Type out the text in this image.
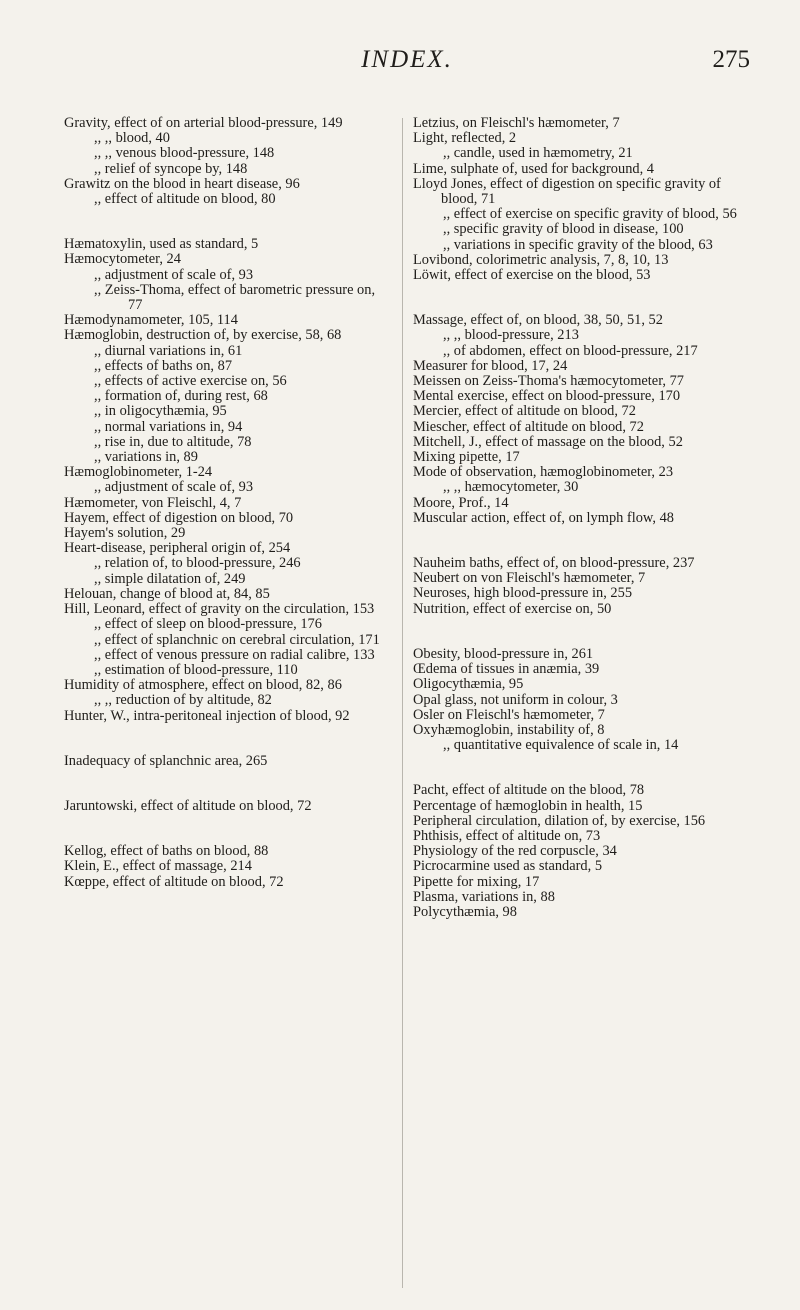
INDEX.	275

Gravity, effect of on arterial blood-pressure, 149

,, ,, blood, 40

,, ,, venous blood-pressure, 148

,, relief of syncope by, 148

Grawitz on the blood in heart disease, 96

,, effect of altitude on blood, 80

Hæmatoxylin, used as standard, 5

Hæmocytometer, 24

,, adjustment of scale of, 93

,, Zeiss-Thoma, effect of barometric pressure on, 77

Hæmodynamometer, 105, 114

Hæmoglobin, destruction of, by exercise, 58, 68

,, diurnal variations in, 61

,, effects of baths on, 87

,, effects of active exercise on, 56

,, formation of, during rest, 68

,, in oligocythæmia, 95

,, normal variations in, 94

,, rise in, due to altitude, 78

,, variations in, 89

Hæmoglobinometer, 1-24

,, adjustment of scale of, 93

Hæmometer, von Fleischl, 4, 7

Hayem, effect of digestion on blood, 70

Hayem's solution, 29

Heart-disease, peripheral origin of, 254

,, relation of, to blood-pressure, 246

,, simple dilatation of, 249

Helouan, change of blood at, 84, 85

Hill, Leonard, effect of gravity on the circulation, 153

,, effect of sleep on blood-pressure, 176

,, effect of splanchnic on cerebral circulation, 171

,, effect of venous pressure on radial calibre, 133

,, estimation of blood-pressure, 110

Humidity of atmosphere, effect on blood, 82, 86

,, ,, reduction of by altitude, 82

Hunter, W., intra-peritoneal injection of blood, 92

Inadequacy of splanchnic area, 265

Jaruntowski, effect of altitude on blood, 72

Kellog, effect of baths on blood, 88

Klein, E., effect of massage, 214

Kœppe, effect of altitude on blood, 72

Letzius, on Fleischl's hæmometer, 7

Light, reflected, 2

,, candle, used in hæmometry, 21

Lime, sulphate of, used for background, 4

Lloyd Jones, effect of digestion on specific gravity of blood, 71

,, effect of exercise on specific gravity of blood, 56

,, specific gravity of blood in disease, 100

,, variations in specific gravity of the blood, 63

Lovibond, colorimetric analysis, 7, 8, 10, 13

Löwit, effect of exercise on the blood, 53

Massage, effect of, on blood, 38, 50, 51, 52

,, ,, blood-pressure, 213

,, of abdomen, effect on blood-pressure, 217

Measurer for blood, 17, 24

Meissen on Zeiss-Thoma's hæmocytometer, 77

Mental exercise, effect on blood-pressure, 170

Mercier, effect of altitude on blood, 72

Miescher, effect of altitude on blood, 72

Mitchell, J., effect of massage on the blood, 52

Mixing pipette, 17

Mode of observation, hæmoglobinometer, 23

,, ,, hæmocytometer, 30

Moore, Prof., 14

Muscular action, effect of, on lymph flow, 48

Nauheim baths, effect of, on blood-pressure, 237

Neubert on von Fleischl's hæmometer, 7

Neuroses, high blood-pressure in, 255

Nutrition, effect of exercise on, 50

Obesity, blood-pressure in, 261

Œdema of tissues in anæmia, 39

Oligocythæmia, 95

Opal glass, not uniform in colour, 3

Osler on Fleischl's hæmometer, 7

Oxyhæmoglobin, instability of, 8

,, quantitative equivalence of scale in, 14

Pacht, effect of altitude on the blood, 78

Percentage of hæmoglobin in health, 15

Peripheral circulation, dilation of, by exercise, 156

Phthisis, effect of altitude on, 73

Physiology of the red corpuscle, 34

Picrocarmine used as standard, 5

Pipette for mixing, 17

Plasma, variations in, 88

Polycythæmia, 98
